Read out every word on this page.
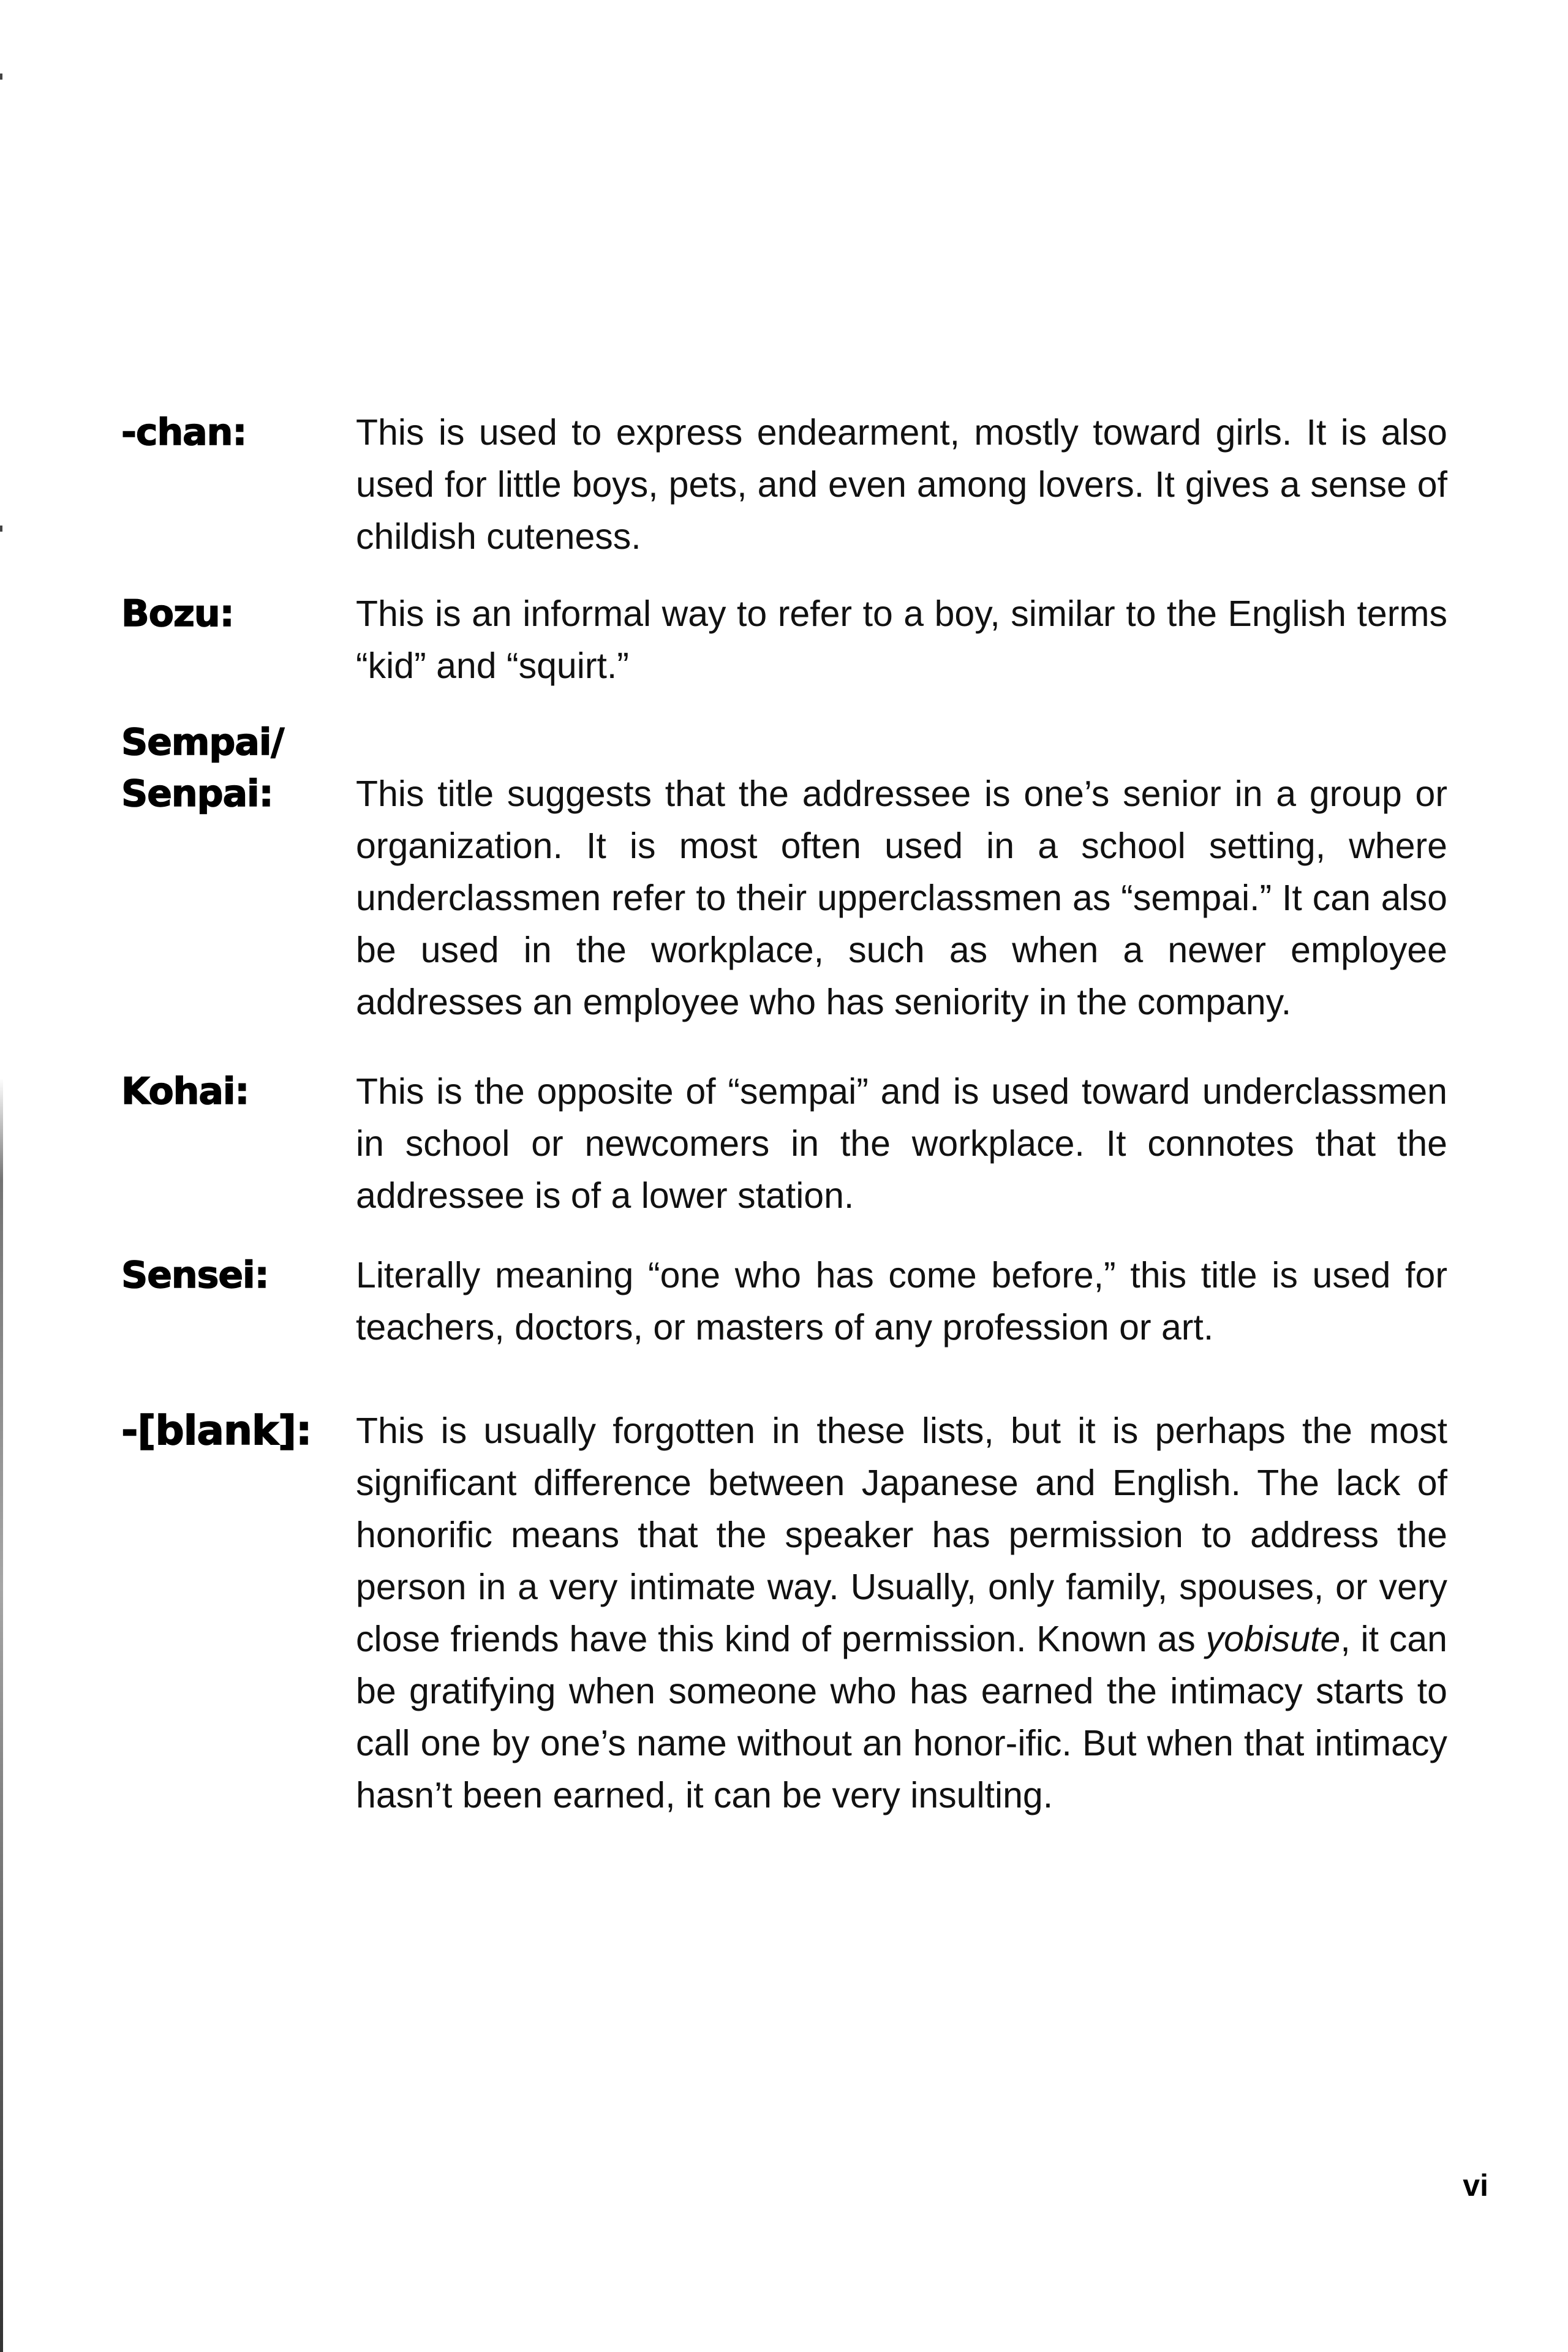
-chan:	This is used to express endearment, mostly toward girls. It is also used for little boys, pets, and even among lovers. It gives a sense of childish cuteness.

Bozu:	This is an informal way to refer to a boy, similar to the English terms “kid” and “squirt.”

Sempai/
Senpai:	This title suggests that the addressee is one’s senior in a group or organization. It is most often used in a school setting, where underclassmen refer to their upperclassmen as “sempai.” It can also be used in the workplace, such as when a newer employee addresses an employee who has seniority in the company.

Kohai:	This is the opposite of “sempai” and is used toward underclassmen in school or newcomers in the workplace. It connotes that the addressee is of a lower station.

Sensei:	Literally meaning “one who has come before,” this title is used for teachers, doctors, or masters of any profession or art.

-[blank]:	This is usually forgotten in these lists, but it is perhaps the most significant difference between Japanese and English. The lack of honorific means that the speaker has permission to address the person in a very intimate way. Usually, only family, spouses, or very close friends have this kind of permission. Known as yobisute, it can be gratifying when someone who has earned the intimacy starts to call one by one’s name without an honor-ific. But when that intimacy hasn’t been earned, it can be very insulting.

vi
